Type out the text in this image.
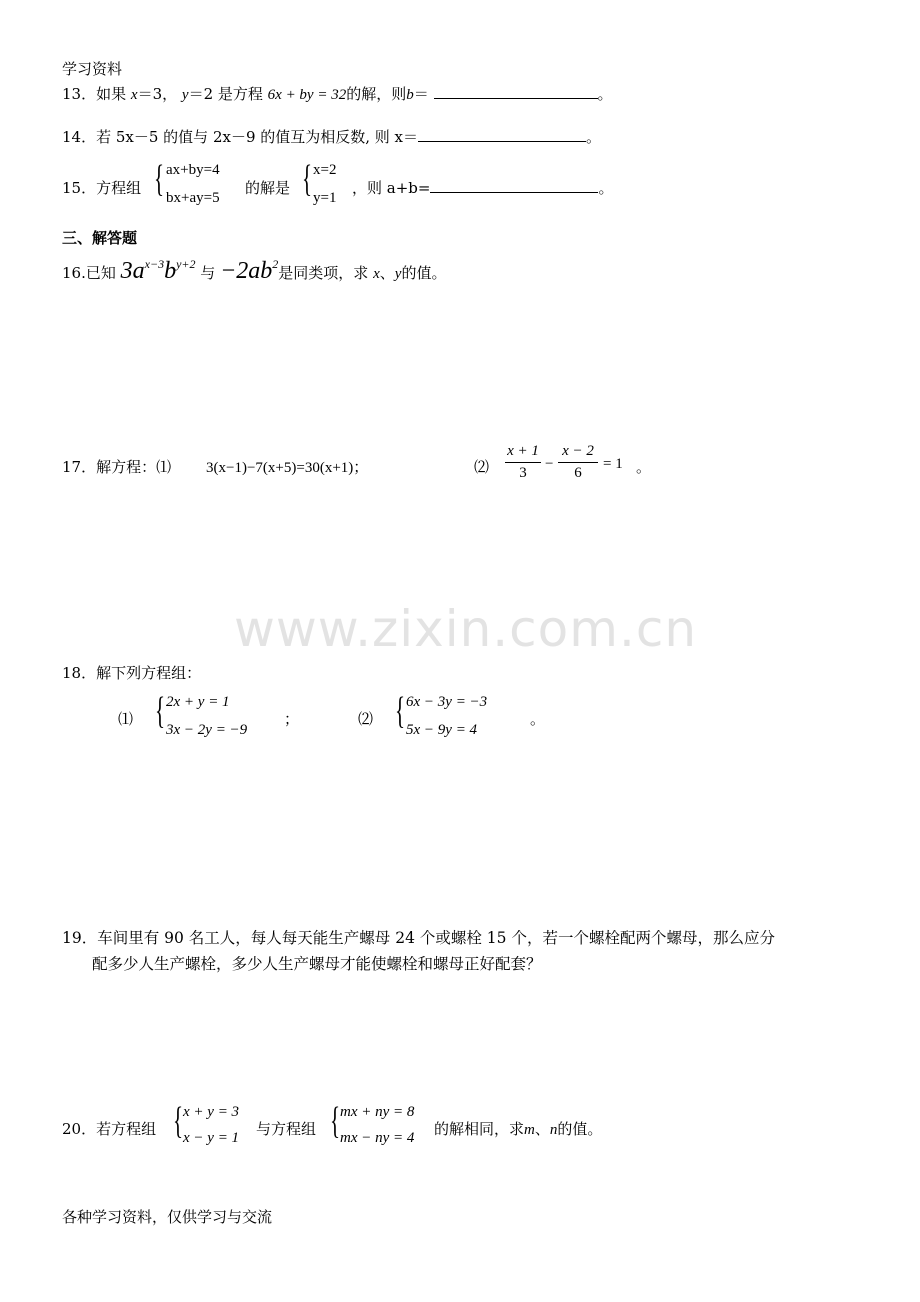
www.zixin.com.cn
学习资料
13．如果 x＝3， y＝2 是方程 6x + by = 32的解，则b＝	。
14．若 5x－5 的值与 2x－9 的值互为相反数, 则 x＝	。
15．方程组 { ax+by=4
bx+ay=5
的解是 { x=2
y=1
，则 a+b=	。
三、解答题
16.已知 $3a^{x-3}b^{y+2}$ 与 $-2ab^2$是同类项，求 x、y的值。
17．解方程：⑴ 3(x−1)−7(x+5)=30(x+1)；	⑵
x + 1
3
−
x − 2
6
= 1 。
18．解下列方程组：
⑴ { 2x + y = 1
3x − 2y = −9
；	⑵ { 6x − 3y = −3
5x − 9y = 4
。
19．车间里有 90 名工人，每人每天能生产螺母 24 个或螺栓 15 个，若一个螺栓配两个螺母，那么应分
配多少人生产螺栓，多少人生产螺母才能使螺栓和螺母正好配套？
20．若方程组 { x + y = 3
x − y = 1 与方程组 { mx + ny = 8
mx − ny = 4 的解相同，求m、n的值。
各种学习资料，仅供学习与交流
